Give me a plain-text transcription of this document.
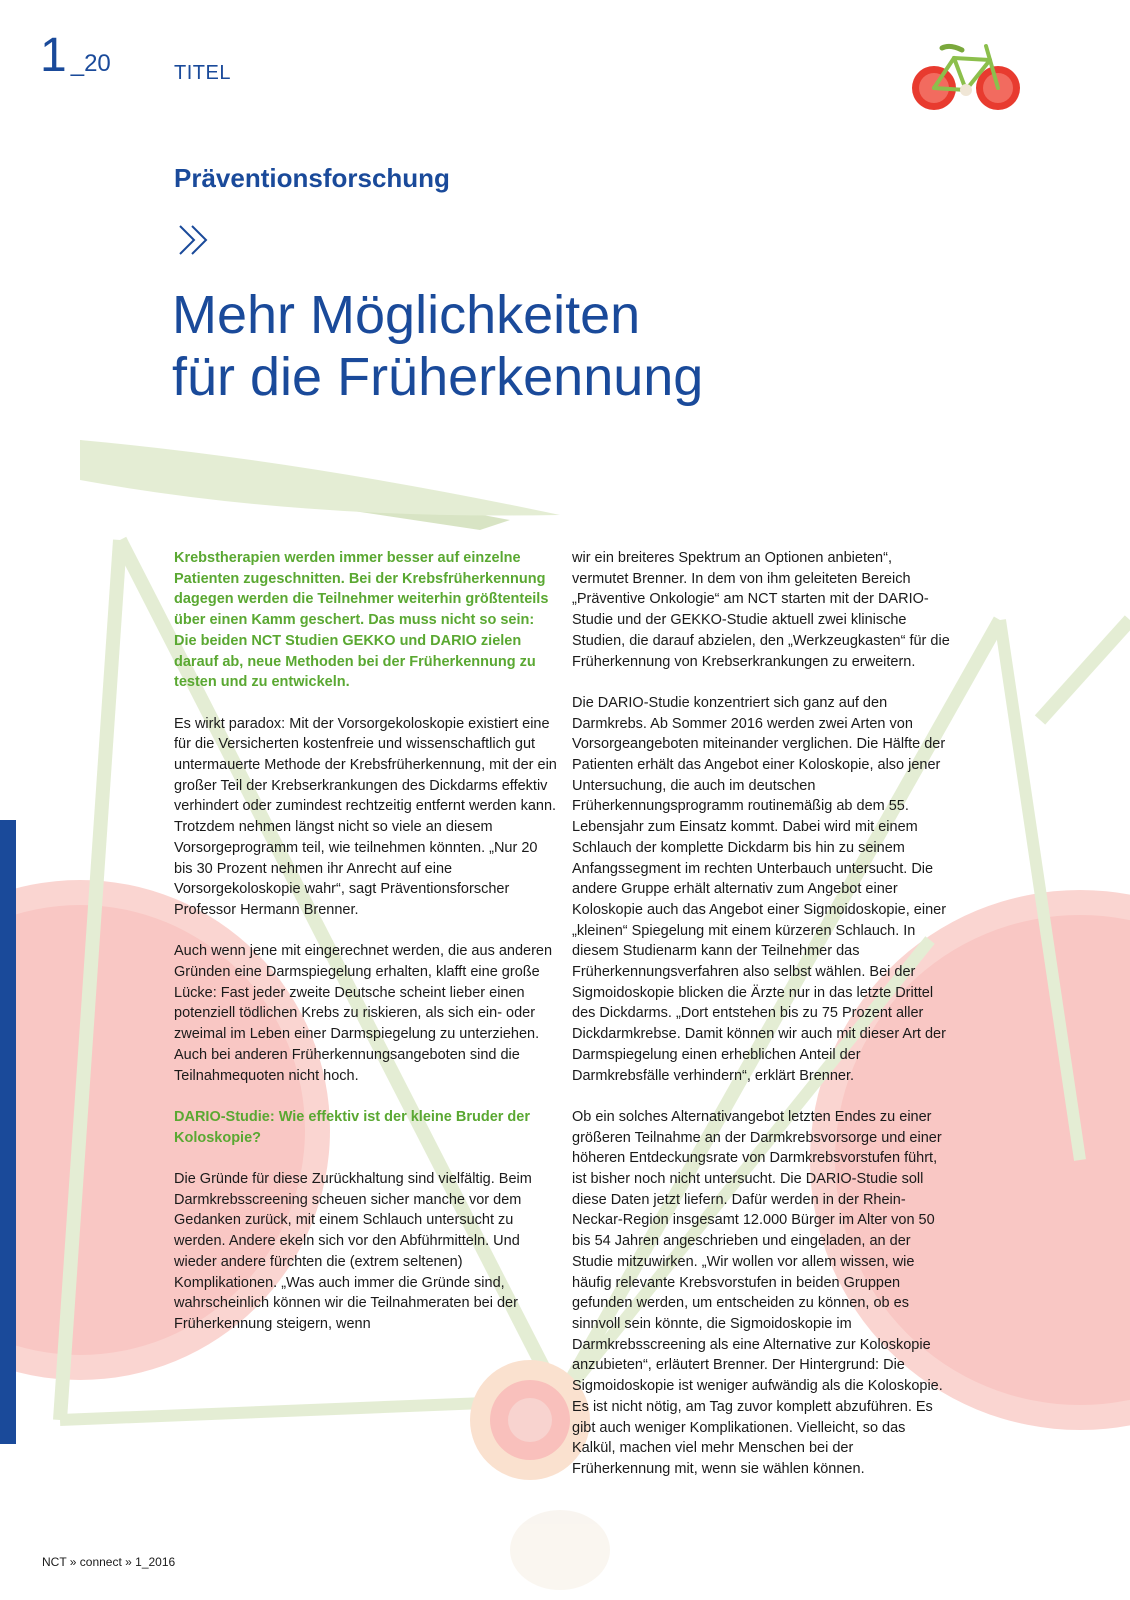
1 _20	TITEL
Präventionsforschung
Mehr Möglichkeiten
für die Früherkennung

Krebstherapien werden immer besser auf einzelne Patienten zugeschnitten. Bei der Krebsfrüherkennung dagegen werden die Teilnehmer weiterhin größtenteils über einen Kamm geschert. Das muss nicht so sein: Die beiden NCT Studien GEKKO und DARIO zielen darauf ab, neue Methoden bei der Früherkennung zu testen und zu entwickeln.

Es wirkt paradox: Mit der Vorsorgekoloskopie existiert eine für die Versicherten kostenfreie und wissenschaftlich gut untermauerte Methode der Krebsfrüherkennung, mit der ein großer Teil der Krebserkrankungen des Dickdarms effektiv verhindert oder zumindest rechtzeitig entfernt werden kann. Trotzdem nehmen längst nicht so viele an diesem Vorsorgeprogramm teil, wie teilnehmen könnten. „Nur 20 bis 30 Prozent nehmen ihr Anrecht auf eine Vorsorgekoloskopie wahr“, sagt Präventionsforscher Professor Hermann Brenner.

Auch wenn jene mit eingerechnet werden, die aus anderen Gründen eine Darmspiegelung erhalten, klafft eine große Lücke: Fast jeder zweite Deutsche scheint lieber einen potenziell tödlichen Krebs zu riskieren, als sich ein- oder zweimal im Leben einer Darmspiegelung zu unterziehen. Auch bei anderen Früherkennungsangeboten sind die Teilnahmequoten nicht hoch.

DARIO-Studie: Wie effektiv ist der kleine Bruder der Koloskopie?

Die Gründe für diese Zurückhaltung sind vielfältig. Beim Darmkrebsscreening scheuen sicher manche vor dem Gedanken zurück, mit einem Schlauch untersucht zu werden. Andere ekeln sich vor den Abführmitteln. Und wieder andere fürchten die (extrem seltenen) Komplikationen. „Was auch immer die Gründe sind, wahrscheinlich können wir die Teilnahmeraten bei der Früherkennung steigern, wenn

wir ein breiteres Spektrum an Optionen anbieten“, vermutet Brenner. In dem von ihm geleiteten Bereich „Präventive Onkologie“ am NCT starten mit der DARIO-Studie und der GEKKO-Studie aktuell zwei klinische Studien, die darauf abzielen, den „Werkzeugkasten“ für die Früherkennung von Krebserkrankungen zu erweitern.

Die DARIO-Studie konzentriert sich ganz auf den Darmkrebs. Ab Sommer 2016 werden zwei Arten von Vorsorgeangeboten miteinander verglichen. Die Hälfte der Patienten erhält das Angebot einer Koloskopie, also jener Untersuchung, die auch im deutschen Früherkennungsprogramm routinemäßig ab dem 55. Lebensjahr zum Einsatz kommt. Dabei wird mit einem Schlauch der komplette Dickdarm bis hin zu seinem Anfangssegment im rechten Unterbauch untersucht. Die andere Gruppe erhält alternativ zum Angebot einer Koloskopie auch das Angebot einer Sigmoidoskopie, einer „kleinen“ Spiegelung mit einem kürzeren Schlauch. In diesem Studienarm kann der Teilnehmer das Früherkennungsverfahren also selbst wählen. Bei der Sigmoidoskopie blicken die Ärzte nur in das letzte Drittel des Dickdarms. „Dort entstehen bis zu 75 Prozent aller Dickdarmkrebse. Damit können wir auch mit dieser Art der Darmspiegelung einen erheblichen Anteil der Darmkrebsfälle verhindern“, erklärt Brenner.

Ob ein solches Alternativangebot letzten Endes zu einer größeren Teilnahme an der Darmkrebsvorsorge und einer höheren Entdeckungsrate von Darmkrebsvorstufen führt, ist bisher noch nicht untersucht. Die DARIO-Studie soll diese Daten jetzt liefern. Dafür werden in der Rhein-Neckar-Region insgesamt 12.000 Bürger im Alter von 50 bis 54 Jahren angeschrieben und eingeladen, an der Studie mitzuwirken. „Wir wollen vor allem wissen, wie häufig relevante Krebsvorstufen in beiden Gruppen gefunden werden, um entscheiden zu können, ob es sinnvoll sein könnte, die Sigmoidoskopie im Darmkrebsscreening als eine Alternative zur Koloskopie anzubieten“, erläutert Brenner. Der Hintergrund: Die Sigmoidoskopie ist weniger aufwändig als die Koloskopie. Es ist nicht nötig, am Tag zuvor komplett abzuführen. Es gibt auch weniger Komplikationen. Vielleicht, so das Kalkül, machen viel mehr Menschen bei der Früherkennung mit, wenn sie wählen können.

NCT » connect » 1_2016
